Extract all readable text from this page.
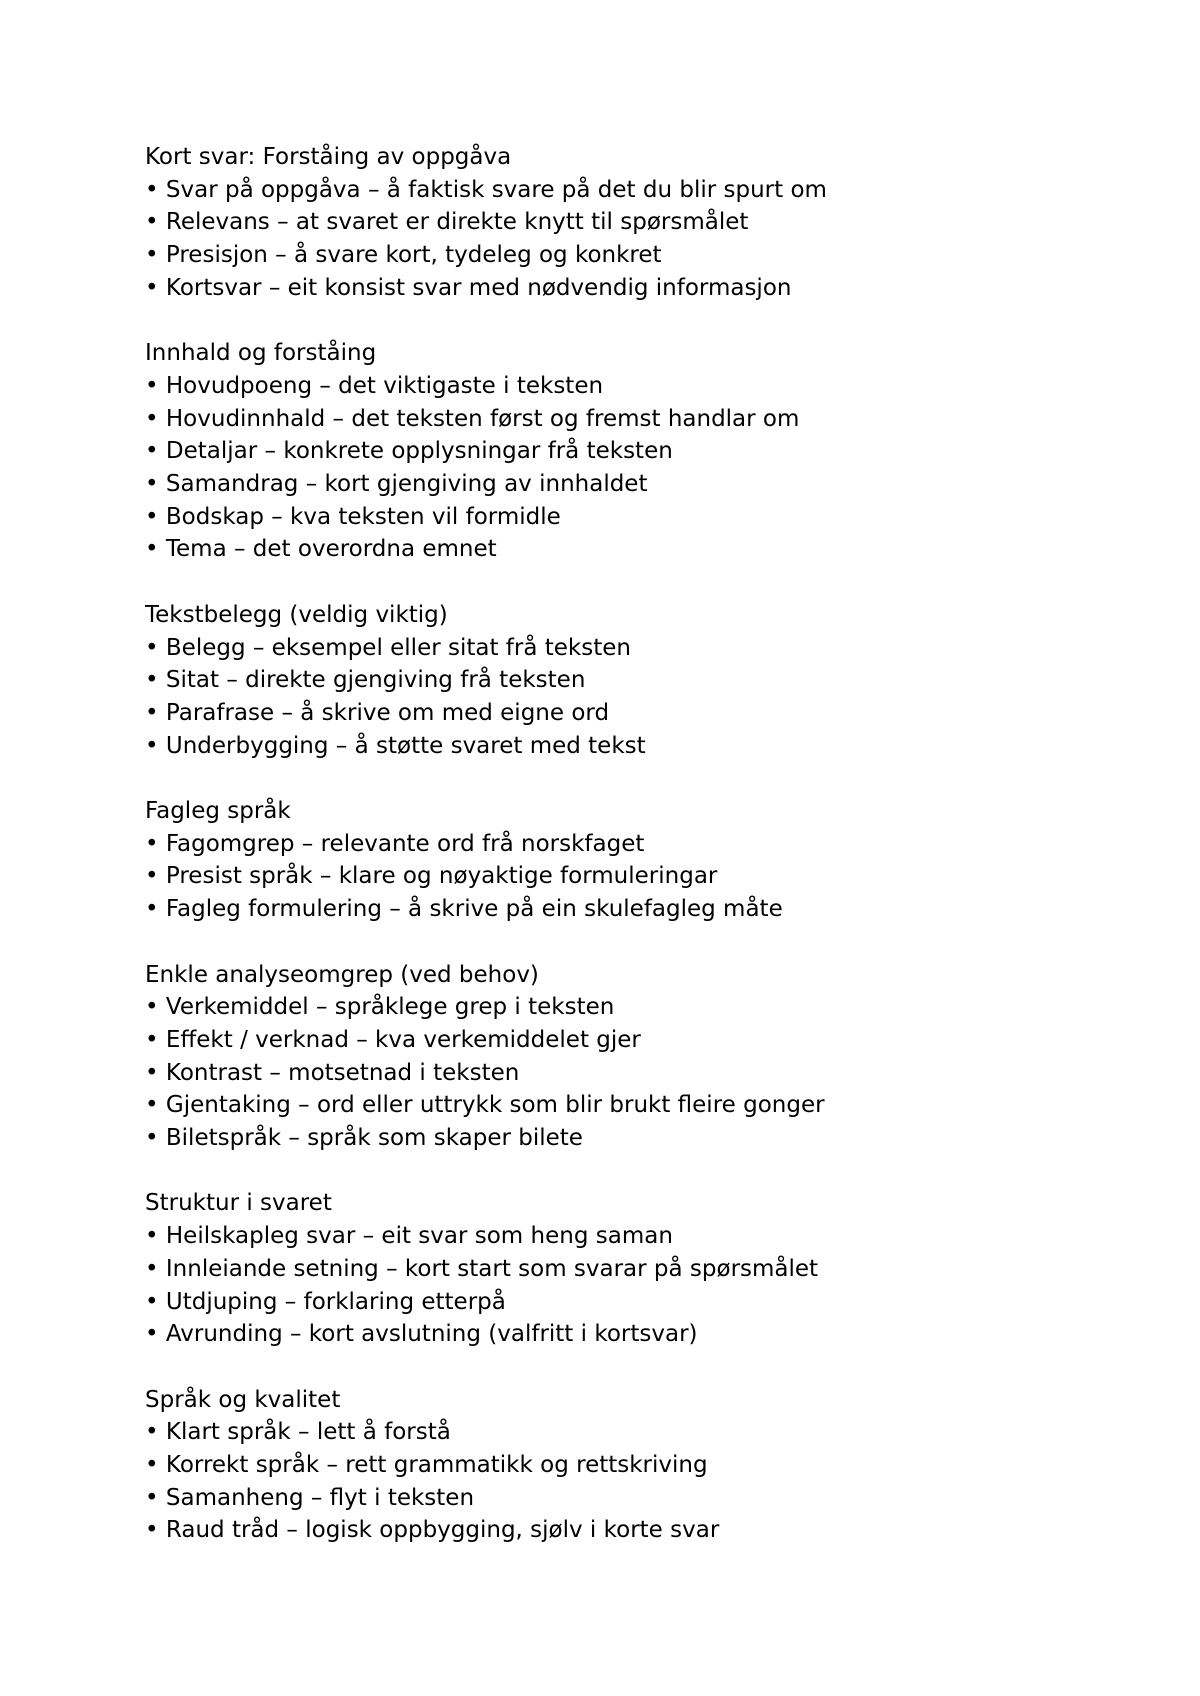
Kort svar: Forståing av oppgåva

• Svar på oppgåva – å faktisk svare på det du blir spurt om
• Relevans – at svaret er direkte knytt til spørsmålet
• Presisjon – å svare kort, tydeleg og konkret
• Kortsvar – eit konsist svar med nødvendig informasjon

Innhald og forståing

• Hovudpoeng – det viktigaste i teksten
• Hovudinnhald – det teksten først og fremst handlar om
• Detaljar – konkrete opplysningar frå teksten
• Samandrag – kort gjengiving av innhaldet
• Bodskap – kva teksten vil formidle
• Tema – det overordna emnet

Tekstbelegg (veldig viktig)

• Belegg – eksempel eller sitat frå teksten
• Sitat – direkte gjengiving frå teksten
• Parafrase – å skrive om med eigne ord
• Underbygging – å støtte svaret med tekst

Fagleg språk

• Fagomgrep – relevante ord frå norskfaget
• Presist språk – klare og nøyaktige formuleringar
• Fagleg formulering – å skrive på ein skulefagleg måte

Enkle analyseomgrep (ved behov)

• Verkemiddel – språklege grep i teksten
• Effekt / verknad – kva verkemiddelet gjer
• Kontrast – motsetnad i teksten
• Gjentaking – ord eller uttrykk som blir brukt fleire gonger
• Biletspråk – språk som skaper bilete

Struktur i svaret

• Heilskapleg svar – eit svar som heng saman
• Innleiande setning – kort start som svarar på spørsmålet
• Utdjuping – forklaring etterpå
• Avrunding – kort avslutning (valfritt i kortsvar)

Språk og kvalitet

• Klart språk – lett å forstå
• Korrekt språk – rett grammatikk og rettskriving
• Samanheng – flyt i teksten
• Raud tråd – logisk oppbygging, sjølv i korte svar
